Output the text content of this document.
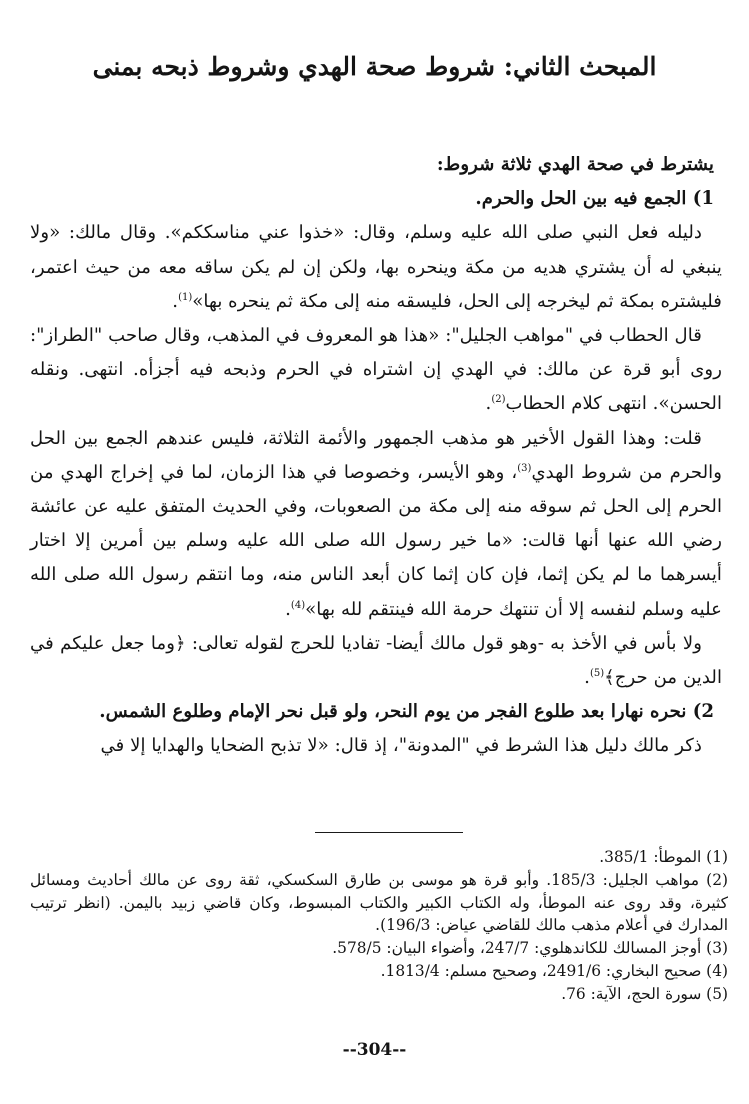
المبحث الثاني: شروط صحة الهدي وشروط ذبحه بمنى

يشترط في صحة الهدي ثلاثة شروط:

1) الجمع فيه بين الحل والحرم.

دليله فعل النبي صلى الله عليه وسلم، وقال: «خذوا عني مناسككم». وقال مالك: «ولا ينبغي له أن يشتري هديه من مكة وينحره بها، ولكن إن لم يكن ساقه معه من حيث اعتمر، فليشتره بمكة ثم ليخرجه إلى الحل، فليسقه منه إلى مكة ثم ينحره بها»$^{(1)}$.

قال الحطاب في "مواهب الجليل": «هذا هو المعروف في المذهب، وقال صاحب "الطراز": روى أبو قرة عن مالك: في الهدي إن اشتراه في الحرم وذبحه فيه أجزأه. انتهى. ونقله الحسن». انتهى كلام الحطاب$^{(2)}$.

قلت: وهذا القول الأخير هو مذهب الجمهور والأئمة الثلاثة، فليس عندهم الجمع بين الحل والحرم من شروط الهدي$^{(3)}$، وهو الأيسر، وخصوصا في هذا الزمان، لما في إخراج الهدي من الحرم إلى الحل ثم سوقه منه إلى مكة من الصعوبات، وفي الحديث المتفق عليه عن عائشة رضي الله عنها أنها قالت: «ما خير رسول الله صلى الله عليه وسلم بين أمرين إلا اختار أيسرهما ما لم يكن إثما، فإن كان إثما كان أبعد الناس منه، وما انتقم رسول الله صلى الله عليه وسلم لنفسه إلا أن تنتهك حرمة الله فينتقم لله بها»$^{(4)}$.

ولا بأس في الأخذ به -وهو قول مالك أيضا- تفاديا للحرج لقوله تعالى: ﴿وما جعل عليكم في الدين من حرج﴾$^{(5)}$.

2) نحره نهارا بعد طلوع الفجر من يوم النحر، ولو قبل نحر الإمام وطلوع الشمس.

ذكر مالك دليل هذا الشرط في "المدونة"، إذ قال: «لا تذبح الضحايا والهدايا إلا في

(1) الموطأ: 385/1.

(2) مواهب الجليل: 185/3. وأبو قرة هو موسى بن طارق السكسكي، ثقة روى عن مالك أحاديث ومسائل كثيرة، وقد روى عنه الموطأ، وله الكتاب الكبير والكتاب المبسوط، وكان قاضي زبيد باليمن. (انظر ترتيب المدارك في أعلام مذهب مالك للقاضي عياض: 196/3).

(3) أوجز المسالك للكاندهلوي: 247/7، وأضواء البيان: 578/5.

(4) صحيح البخاري: 2491/6، وصحيح مسلم: 1813/4.

(5) سورة الحج، الآية: 76.

--304--
